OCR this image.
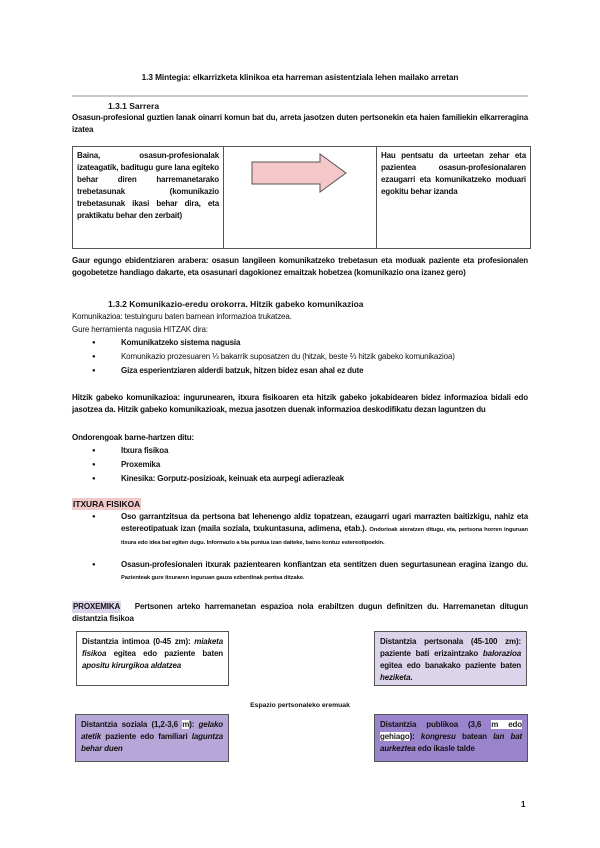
1.3 Mintegia: elkarrizketa klinikoa eta harreman asistentziala lehen mailako arretan
1.3.1 Sarrera
Osasun-profesional guztien lanak oinarri komun bat du, arreta jasotzen duten pertsonekin eta haien familiekin elkarreragina izatea
Baina, osasun-profesionalak izateagatik, baditugu gure lana egiteko behar diren harremanetarako trebetasunak (komunikazio trebetasunak ikasi behar dira, eta praktikatu behar den zerbait)
Hau pentsatu da urteetan zehar eta pazientea osasun-profesionalaren ezaugarri eta komunikatzeko moduari egokitu behar izanda
Gaur egungo ebidentziaren arabera: osasun langileen komunikatzeko trebetasun eta moduak paziente eta profesionalen gogobetetze handiago dakarte, eta osasunari dagokionez emaitzak hobetzea (komunikazio ona izanez gero)
1.3.2 Komunikazio-eredu orokorra. Hitzik gabeko komunikazioa
Komunikazioa: testuinguru baten barnean informazioa trukatzea.
Gure herramienta nagusia HITZAK dira:
● Komunikatzeko sistema nagusia
● Komunikazio prozesuaren ⅓ bakarrik suposatzen du (hitzak, beste ⅔ hitzik gabeko komunikazioa)
● Giza esperientziaren alderdi batzuk, hitzen bidez esan ahal ez dute
Hitzik gabeko komunikazioa: ingurunearen, itxura fisikoaren eta hitzik gabeko jokabidearen bidez informazioa bidali edo jasotzea da. Hitzik gabeko komunikazioak, mezua jasotzen duenak informazioa deskodifikatu dezan laguntzen du
Ondorengoak barne-hartzen ditu:
● Itxura fisikoa
● Proxemika
● Kinesika: Gorputz-posizioak, keinuak eta aurpegi adierazleak
ITXURA FISIKOA
● Oso garrantzitsua da pertsona bat lehenengo aldiz topatzean, ezaugarri ugari marrazten baitizkigu, nahiz eta estereotipatuak izan (maila soziala, txukuntasuna, adimena, etab.). Ondorioak ateratzen ditugu, eta, pertsona horren inguruan itxura edo idea bat egiten dugu. Informazio a bia puntua izan daiteke, baino kontuz estereotipoekin.
● Osasun-profesionalen itxurak pazientearen konfiantzan eta sentitzen duen segurtasunean eragina izango du. Pazienteak gure itxuraren inguruan gauza ezberdinak pentsa ditzake.
PROXEMIKA Pertsonen arteko harremanetan espazioa nola erabiltzen dugun definitzen du. Harremanetan ditugun distantzia fisikoa
Distantzia intimoa (0-45 zm): miaketa fisikoa egitea edo paziente baten apositu kirurgikoa aldatzea
Distantzia pertsonala (45-100 zm): paziente bati erizaintzako balorazioa egitea edo banakako paziente baten heziketa.
Espazio pertsonaleko eremuak
Distantzia soziala (1,2-3,6 m): gelako atetik paziente edo familiari laguntza behar duen
Distantzia publikoa (3,6 m edo gehiago): kongresu batean lan bat aurkeztea edo ikasle talde
1
